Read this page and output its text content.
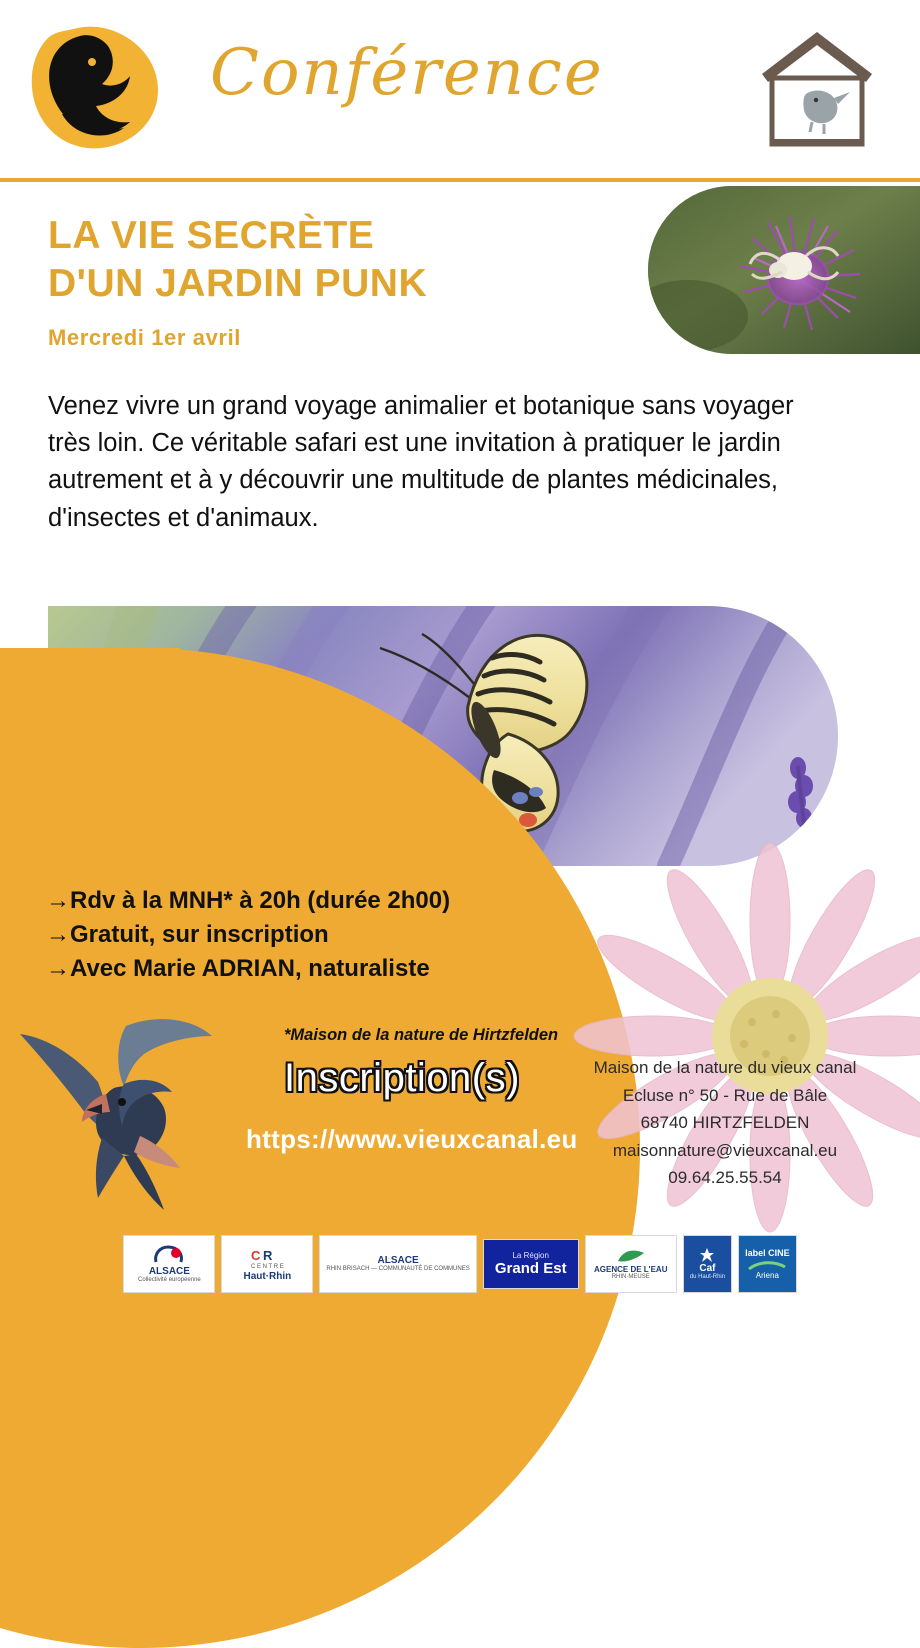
Conférence
LA VIE SECRÈTE
D'UN JARDIN PUNK
Mercredi 1er avril

Venez vivre un grand voyage animalier et botanique sans voyager très loin. Ce véritable safari est une invitation à pratiquer le jardin autrement et à y découvrir une multitude de plantes médicinales, d'insectes et d'animaux.

→Rdv à la MNH* à 20h (durée 2h00)
→Gratuit, sur inscription
→Avec Marie ADRIAN, naturaliste
*Maison de la nature de Hirtzfelden
Inscription(s)
https://www.vieuxcanal.eu
Maison de la nature du vieux canal
Ecluse n° 50 - Rue de Bâle
68740 HIRTZFELDEN
maisonnature@vieuxcanal.eu
09.64.25.55.54
ALSACE
Collectivité européenne
C R
C E N T R E
Haut·Rhin
ALSACE
RHIN BRISACH — COMMUNAUTÉ DE COMMUNES
La Région
Grand Est	AGENCE DE L'EAU
RHIN·MEUSE
Caf
du Haut-Rhin
label CINE
Ariena
